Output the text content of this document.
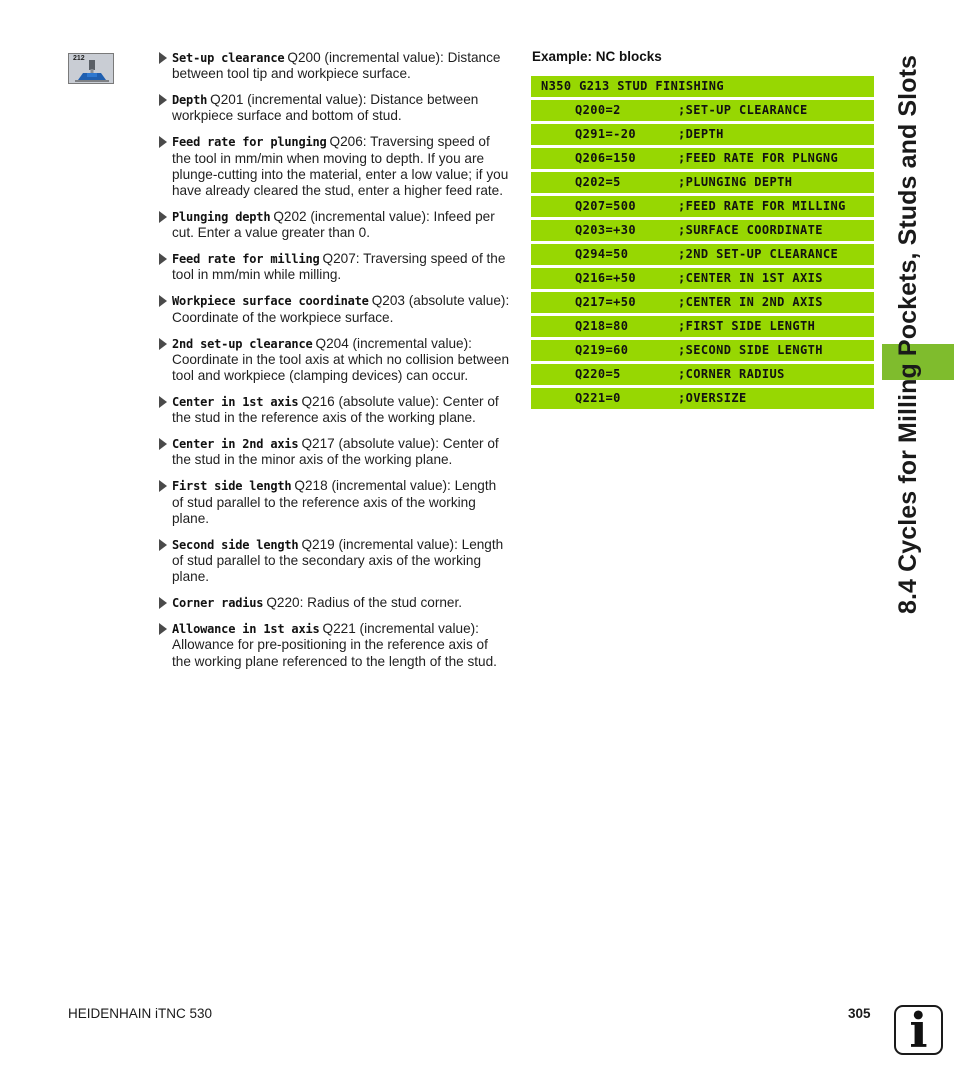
212	Set-up clearance Q200 (incremental value): Distance between tool tip and workpiece surface.
Depth Q201 (incremental value): Distance between workpiece surface and bottom of stud.
Feed rate for plunging Q206: Traversing speed of the tool in mm/min when moving to depth. If you are plunge-cutting into the material, enter a low value; if you have already cleared the stud, enter a higher feed rate.
Plunging depth Q202 (incremental value): Infeed per cut. Enter a value greater than 0.
Feed rate for milling Q207: Traversing speed of the tool in mm/min while milling.
Workpiece surface coordinate Q203 (absolute value): Coordinate of the workpiece surface.
2nd set-up clearance Q204 (incremental value): Coordinate in the tool axis at which no collision between tool and workpiece (clamping devices) can occur.
Center in 1st axis Q216 (absolute value): Center of the stud in the reference axis of the working plane.
Center in 2nd axis Q217 (absolute value): Center of the stud in the minor axis of the working plane.
First side length Q218 (incremental value): Length of stud parallel to the reference axis of the working plane.
Second side length Q219 (incremental value): Length of stud parallel to the secondary axis of the working plane.
Corner radius Q220: Radius of the stud corner.
Allowance in 1st axis Q221 (incremental value): Allowance for pre-positioning in the reference axis of the working plane referenced to the length of the stud.
Example: NC blocks

N350 G213 STUD FINISHING

Q200=2	;SET-UP CLEARANCE
Q291=-20	;DEPTH
Q206=150	;FEED RATE FOR PLNGNG
Q202=5	;PLUNGING DEPTH
Q207=500	;FEED RATE FOR MILLING
Q203=+30	;SURFACE COORDINATE
Q294=50	;2ND SET-UP CLEARANCE
Q216=+50	;CENTER IN 1ST AXIS
Q217=+50	;CENTER IN 2ND AXIS
Q218=80	;FIRST SIDE LENGTH
Q219=60	;SECOND SIDE LENGTH
Q220=5	;CORNER RADIUS
Q221=0	;OVERSIZE	8.4 Cycles for Milling Pockets, Studs and Slots
HEIDENHAIN iTNC 530	305 i
